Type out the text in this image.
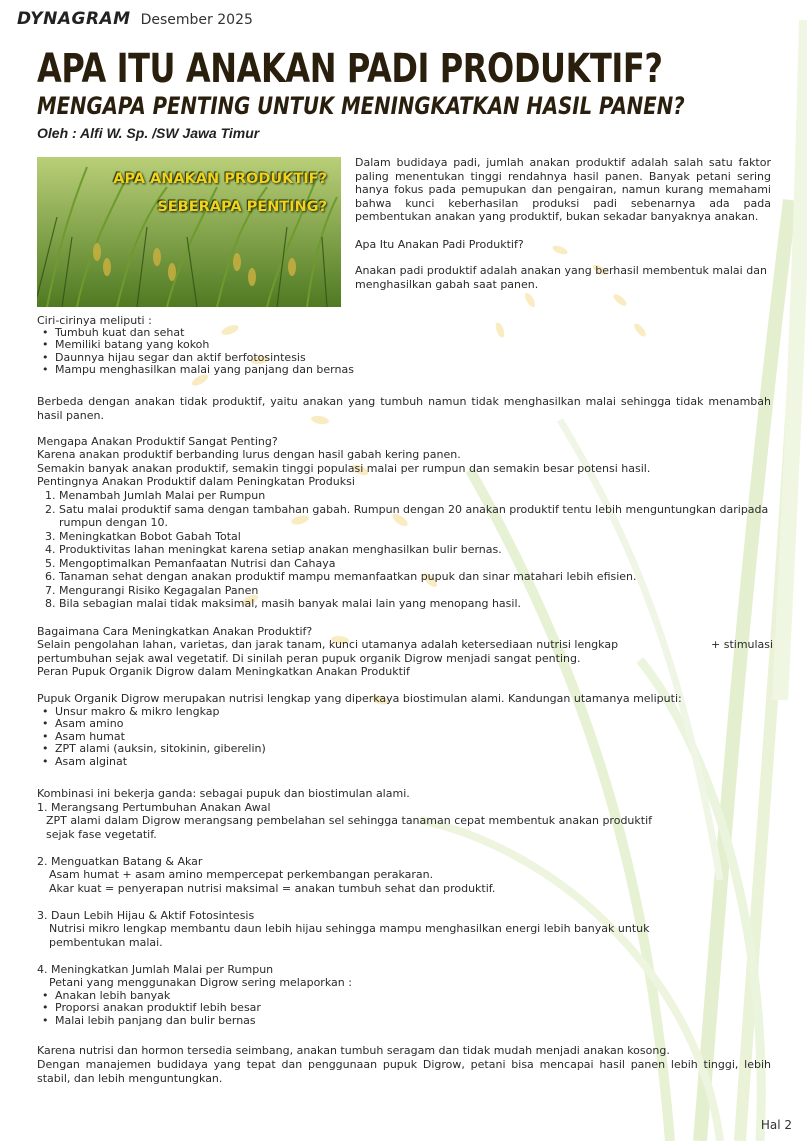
DYNAGRAM Desember 2025
APA ITU ANAKAN PADI PRODUKTIF?
MENGAPA PENTING UNTUK MENINGKATKAN HASIL PANEN?
Oleh : Alfi W. Sp. /SW Jawa Timur
APA ANAKAN PRODUKTIF?
SEBERAPA PENTING?

Dalam budidaya padi, jumlah anakan produktif adalah salah satu faktor paling menentukan tinggi rendahnya hasil panen. Banyak petani sering hanya fokus pada pemupukan dan pengairan, namun kurang memahami bahwa kunci keberhasilan produksi padi sebenarnya ada pada pembentukan anakan yang produktif, bukan sekadar banyaknya anakan.

Apa Itu Anakan Padi Produktif?

Anakan padi produktif adalah anakan yang berhasil membentuk malai dan menghasilkan gabah saat panen.

Ciri-cirinya meliputi :

• Tumbuh kuat dan sehat
• Memiliki batang yang kokoh
• Daunnya hijau segar dan aktif berfotosintesis
• Mampu menghasilkan malai yang panjang dan bernas

Berbeda dengan anakan tidak produktif, yaitu anakan yang tumbuh namun tidak menghasilkan malai sehingga tidak menambah hasil panen.

Mengapa Anakan Produktif Sangat Penting?

Karena anakan produktif berbanding lurus dengan hasil gabah kering panen.

Semakin banyak anakan produktif, semakin tinggi populasi malai per rumpun dan semakin besar potensi hasil.

Pentingnya Anakan Produktif dalam Peningkatan Produksi

1. Menambah Jumlah Malai per Rumpun
2. Satu malai produktif sama dengan tambahan gabah. Rumpun dengan 20 anakan produktif tentu lebih menguntungkan daripada rumpun dengan 10.
3. Meningkatkan Bobot Gabah Total
4. Produktivitas lahan meningkat karena setiap anakan menghasilkan bulir bernas.
5. Mengoptimalkan Pemanfaatan Nutrisi dan Cahaya
6. Tanaman sehat dengan anakan produktif mampu memanfaatkan pupuk dan sinar matahari lebih efisien.
7. Mengurangi Risiko Kegagalan Panen
8. Bila sebagian malai tidak maksimal, masih banyak malai lain yang menopang hasil.

Bagaimana Cara Meningkatkan Anakan Produktif?

Selain pengolahan lahan, varietas, dan jarak tanam, kunci utamanya adalah ketersediaan nutrisi lengkap	+ stimulasi

pertumbuhan sejak awal vegetatif. Di sinilah peran pupuk organik Digrow menjadi sangat penting.

Peran Pupuk Organik Digrow dalam Meningkatkan Anakan Produktif

Pupuk Organik Digrow merupakan nutrisi lengkap yang diperkaya biostimulan alami. Kandungan utamanya meliputi:

• Unsur makro & mikro lengkap
• Asam amino
• Asam humat
• ZPT alami (auksin, sitokinin, giberelin)
• Asam alginat

Kombinasi ini bekerja ganda: sebagai pupuk dan biostimulan alami.

1. Merangsang Pertumbuhan Anakan Awal

ZPT alami dalam Digrow merangsang pembelahan sel sehingga tanaman cepat membentuk anakan produktif

sejak fase vegetatif.

2. Menguatkan Batang & Akar

Asam humat + asam amino mempercepat perkembangan perakaran.

Akar kuat = penyerapan nutrisi maksimal = anakan tumbuh sehat dan produktif.

3. Daun Lebih Hijau & Aktif Fotosintesis

Nutrisi mikro lengkap membantu daun lebih hijau sehingga mampu menghasilkan energi lebih banyak untuk

pembentukan malai.

4. Meningkatkan Jumlah Malai per Rumpun

Petani yang menggunakan Digrow sering melaporkan :

• Anakan lebih banyak
• Proporsi anakan produktif lebih besar
• Malai lebih panjang dan bulir bernas

Karena nutrisi dan hormon tersedia seimbang, anakan tumbuh seragam dan tidak mudah menjadi anakan kosong.

Dengan manajemen budidaya yang tepat dan penggunaan pupuk Digrow, petani bisa mencapai hasil panen lebih tinggi, lebih stabil, dan lebih menguntungkan.

Hal 2
